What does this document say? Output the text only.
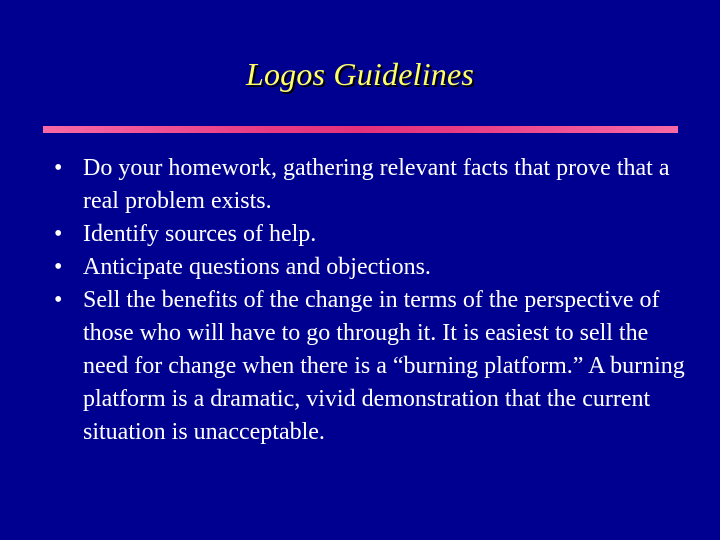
Logos Guidelines
• Do your homework, gathering relevant facts that prove that a real problem exists.
• Identify sources of help.
• Anticipate questions and objections.
• Sell the benefits of the change in terms of the perspective of those who will have to go through it. It is easiest to sell the need for change when there is a “burning platform.” A burning platform is a dramatic, vivid demonstration that the current situation is unacceptable.
